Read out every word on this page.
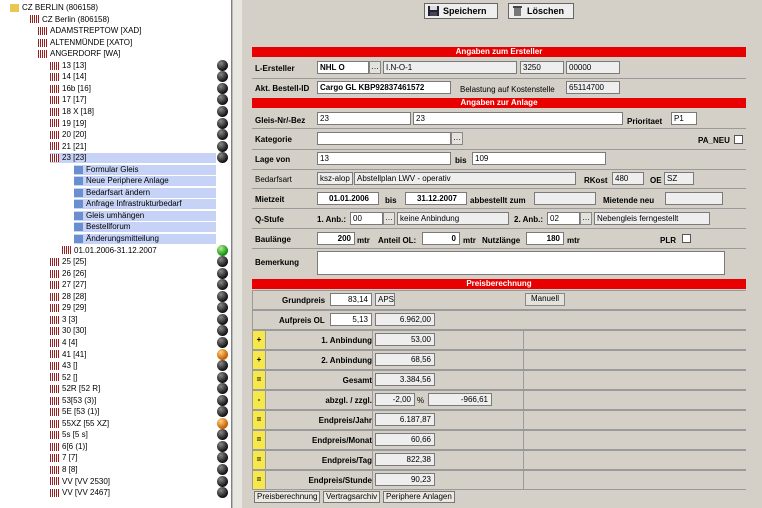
CZ BERLIN (806158)
CZ Berlin (806158)
ADAMSTREPTOW [XAD]
ALTENMÜNDE [XATO]
ANGERDORF [WA]
13 [13]
14 [14]
16b [16]
17 [17]
18 X [18]
19 [19]
20 [20]
21 [21]
23 [23]
Formular Gleis
Neue Periphere Anlage
Bedarfsart ändern
Anfrage Infrastrukturbedarf
Gleis umhängen
Bestellforum
Änderungsmitteilung
01.01.2006-31.12.2007
25 [25]
26 [26]
27 [27]
28 [28]
29 [29]
3 [3]
30 [30]
4 [4]
41 [41]
43 []
52 []
52R [52 R]
53[53 (3)]
5E [53 (1)]
55XZ [55 XZ]
5s [5 s]
6[6 (1)]
7 [7]
8 [8]
VV [VV 2530]
VV [VV 2467]
Speichern	Löschen
Angaben zum Ersteller
L-Ersteller	NHL O	… I.N-O-1	3250	00000
Akt. Bestell-ID	Cargo GL KBP92837461572	Belastung auf Kostenstelle	65114700
Angaben zur Anlage
Gleis-Nr/-Bez	23	23	Prioritaet	P1
Kategorie	…	PA_NEU
Lage von	13	bis	109
Bedarfsart	ksz-alop Abstellplan LWV - operativ	RKost 480	OE SZ
Mietzeit	01.01.2006	bis	31.12.2007	abbestellt zum	Mietende neu
Q-Stufe	1. Anb.: 00	… keine Anbindung	2. Anb.: 02	… Nebengleis ferngestellt
Baulänge	200 mtr Anteil OL:	0 mtr Nutzlänge	180 mtr	PLR
Bemerkung
Preisberechnung
Grundpreis	83,14	APS	Manuell
Aufpreis OL	5,13	6.962,00
+	1. Anbindung	53,00
+	2. Anbindung	68,56
=	Gesamt	3.384,56
-	abzgl. / zzgl.	-2,00 %	-966,61
=	Endpreis/Jahr	6.187,87
=	Endpreis/Monat	60,66
=	Endpreis/Tag	822,38
=	Endpreis/Stunde	90,23
Preisberechnung	Vertragsarchiv	Periphere Anlagen
